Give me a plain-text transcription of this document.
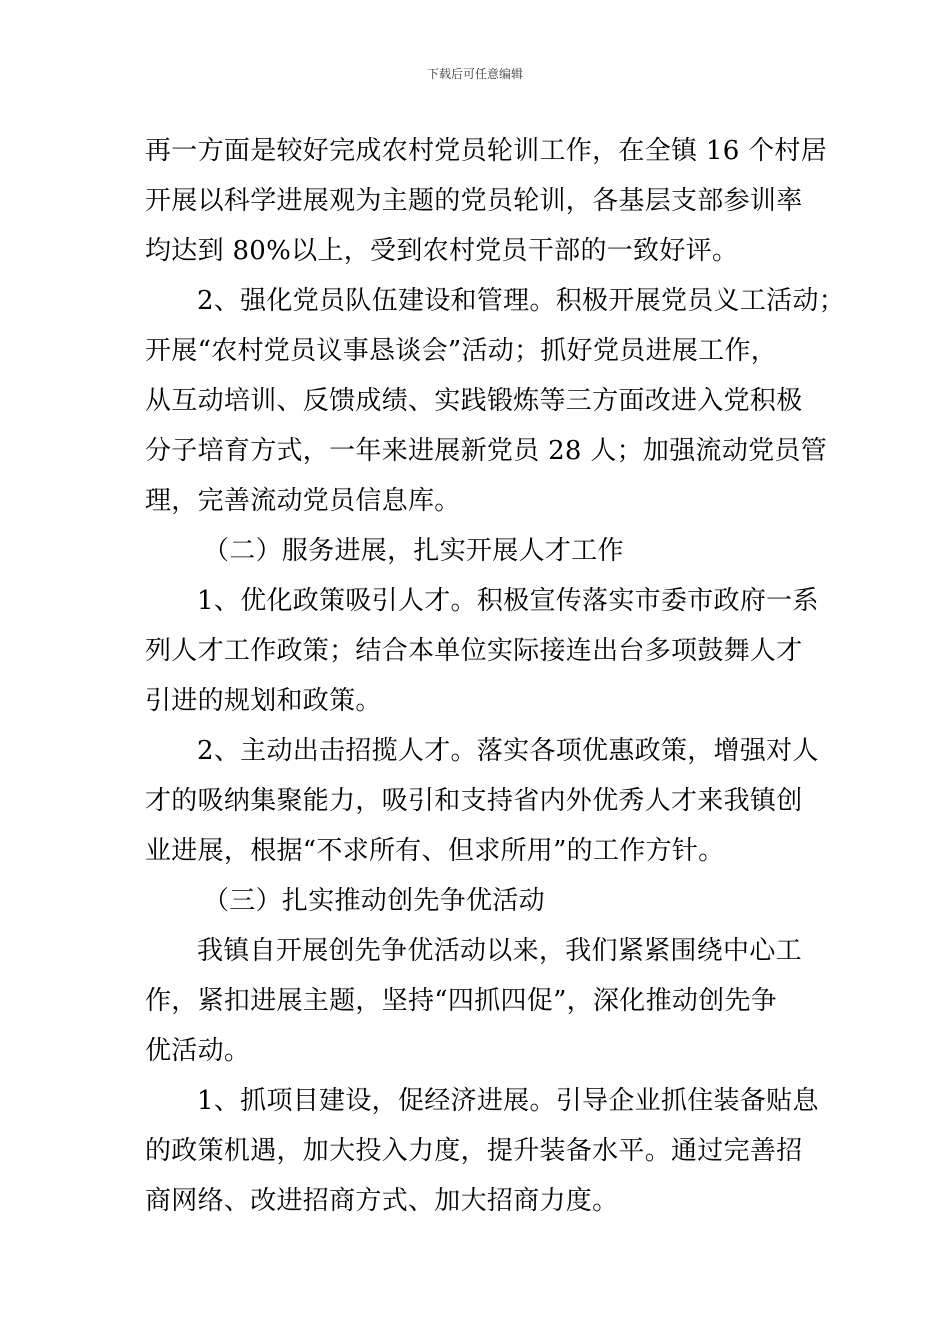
下载后可任意编辑

再一方面是较好完成农村党员轮训工作，在全镇 16 个村居
开展以科学进展观为主题的党员轮训，各基层支部参训率
均达到 80%以上，受到农村党员干部的一致好评。

2、强化党员队伍建设和管理。积极开展党员义工活动；
开展“农村党员议事恳谈会”活动；抓好党员进展工作，
从互动培训、反馈成绩、实践锻炼等三方面改进入党积极
分子培育方式，一年来进展新党员 28 人；加强流动党员管
理，完善流动党员信息库。

（二）服务进展，扎实开展人才工作

1、优化政策吸引人才。积极宣传落实市委市政府一系
列人才工作政策；结合本单位实际接连出台多项鼓舞人才
引进的规划和政策。

2、主动出击招揽人才。落实各项优惠政策，增强对人
才的吸纳集聚能力，吸引和支持省内外优秀人才来我镇创
业进展，根据“不求所有、但求所用”的工作方针。

（三）扎实推动创先争优活动

我镇自开展创先争优活动以来，我们紧紧围绕中心工
作，紧扣进展主题，坚持“四抓四促”，深化推动创先争
优活动。

1、抓项目建设，促经济进展。引导企业抓住装备贴息
的政策机遇，加大投入力度，提升装备水平。通过完善招
商网络、改进招商方式、加大招商力度。
